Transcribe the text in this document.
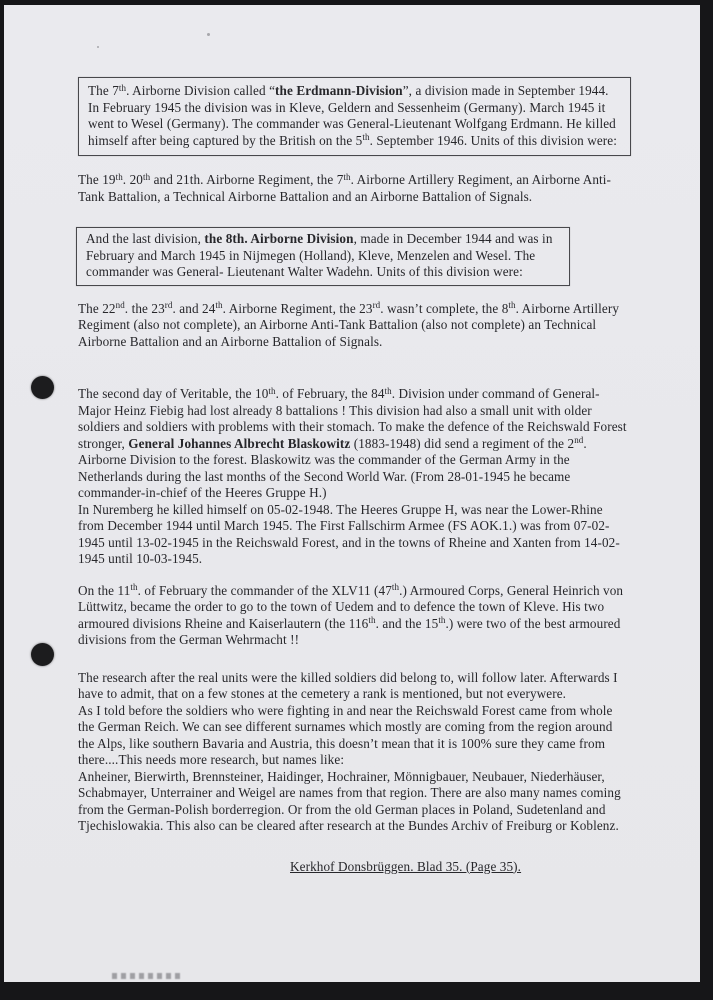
The 7th. Airborne Division called “the Erdmann-Division”, a division made in September 1944. In February 1945 the division was in Kleve, Geldern and Sessenheim (Germany). March 1945 it went to Wesel (Germany). The commander was General-Lieutenant Wolfgang Erdmann. He killed himself after being captured by the British on the 5th. September 1946. Units of this division were:
The 19th. 20th and 21th. Airborne Regiment, the 7th. Airborne Artillery Regiment, an Airborne Anti-Tank Battalion, a Technical Airborne Battalion and an Airborne Battalion of Signals.
And the last division, the 8th. Airborne Division, made in December 1944 and was in February and March 1945 in Nijmegen (Holland), Kleve, Menzelen and Wesel. The commander was General- Lieutenant Walter Wadehn. Units of this division were:
The 22nd. the 23rd. and 24th. Airborne Regiment, the 23rd. wasn’t complete, the 8th. Airborne Artillery Regiment (also not complete), an Airborne Anti-Tank Battalion (also not complete) an Technical Airborne Battalion and an Airborne Battalion of Signals.
The second day of Veritable, the 10th. of February, the 84th. Division under command of General-Major Heinz Fiebig had lost already 8 battalions ! This division had also a small unit with older soldiers and soldiers with problems with their stomach. To make the defence of the Reichswald Forest stronger, General Johannes Albrecht Blaskowitz (1883-1948) did send a regiment of the 2nd. Airborne Division to the forest. Blaskowitz was the commander of the German Army in the Netherlands during the last months of the Second World War. (From 28-01-1945 he became commander-in-chief of the Heeres Gruppe H.)
In Nuremberg he killed himself on 05-02-1948. The Heeres Gruppe H, was near the Lower-Rhine from December 1944 until March 1945. The First Fallschirm Armee (FS AOK.1.) was from 07-02-1945 until 13-02-1945 in the Reichswald Forest, and in the towns of Rheine and Xanten from 14-02-1945 until 10-03-1945.
On the 11th. of February the commander of the XLV11 (47th.) Armoured Corps, General Heinrich von Lüttwitz, became the order to go to the town of Uedem and to defence the town of Kleve. His two armoured divisions Rheine and Kaiserlautern (the 116th. and the 15th.) were two of the best armoured divisions from the German Wehrmacht !!
The research after the real units were the killed soldiers did belong to, will follow later. Afterwards I have to admit, that on a few stones at the cemetery a rank is mentioned, but not everywere.
As I told before the soldiers who were fighting in and near the Reichswald Forest came from whole the German Reich. We can see different surnames which mostly are coming from the region around the Alps, like southern Bavaria and Austria, this doesn’t mean that it is 100% sure they came from there....This needs more research, but names like:
Anheiner, Bierwirth, Brennsteiner, Haidinger, Hochrainer, Mönnigbauer, Neubauer, Niederhäuser, Schabmayer, Unterrainer and Weigel are names from that region. There are also many names coming from the German-Polish borderregion. Or from the old German places in Poland, Sudetenland and Tjechislowakia. This also can be cleared after research at the Bundes Archiv of Freiburg or Koblenz.
Kerkhof Donsbrüggen. Blad 35. (Page 35).
